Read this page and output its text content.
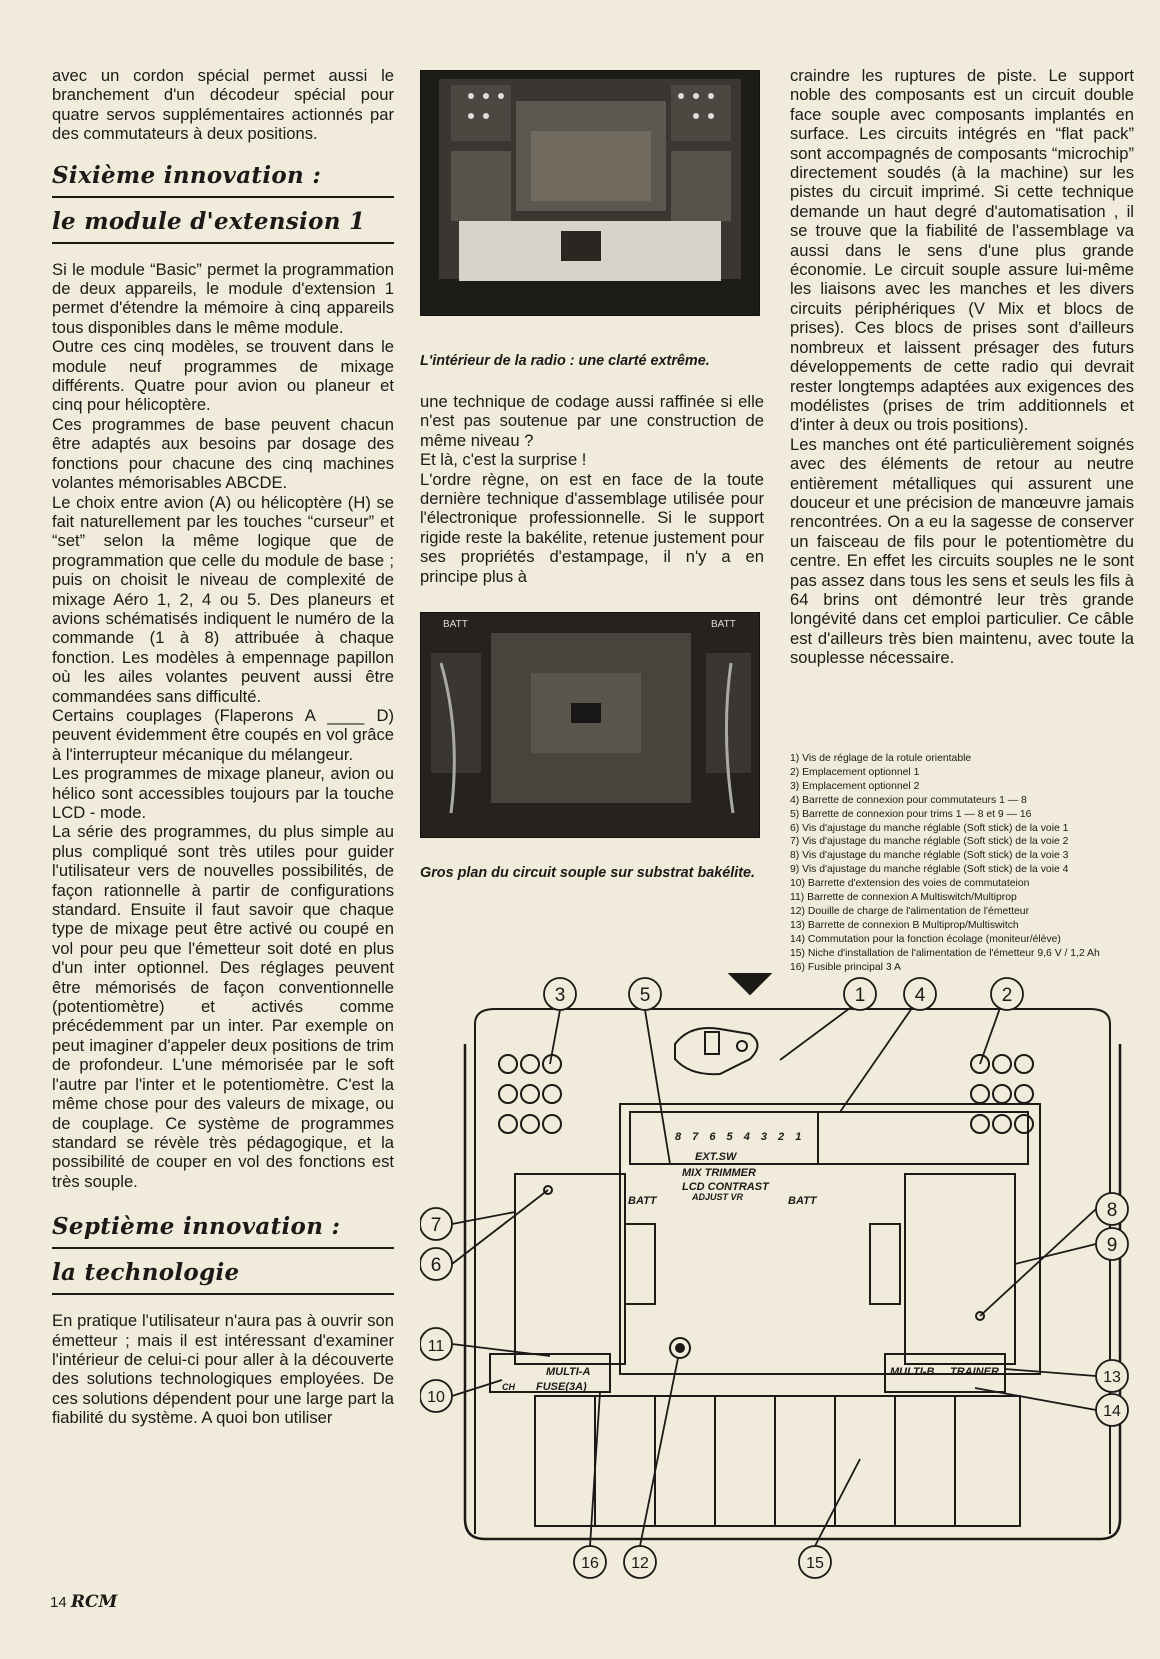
avec un cordon spécial permet aussi le branchement d'un décodeur spécial pour quatre servos supplémentaires actionnés par des commutateurs à deux positions.

Sixième innovation :
le module d'extension 1

Si le module “Basic” permet la programmation de deux appareils, le module d'extension 1 permet d'étendre la mémoire à cinq appareils tous disponibles dans le même module.

Outre ces cinq modèles, se trouvent dans le module neuf programmes de mixage différents. Quatre pour avion ou planeur et cinq pour hélicoptère.

Ces programmes de base peuvent chacun être adaptés aux besoins par dosage des fonctions pour chacune des cinq machines volantes mémorisables ABCDE.

Le choix entre avion (A) ou hélicoptère (H) se fait naturellement par les touches “curseur” et “set” selon la même logique que de programmation que celle du module de base ; puis on choisit le niveau de complexité de mixage Aéro 1, 2, 4 ou 5. Des planeurs et avions schématisés indiquent le numéro de la commande (1 à 8) attribuée à chaque fonction. Les modèles à empennage papillon où les ailes volantes peuvent aussi être commandées sans difficulté.

Certains couplages (Flaperons A ____ D) peuvent évidemment être coupés en vol grâce à l'interrupteur mécanique du mélangeur.

Les programmes de mixage planeur, avion ou hélico sont accessibles toujours par la touche LCD - mode.

La série des programmes, du plus simple au plus compliqué sont très utiles pour guider l'utilisateur vers de nouvelles possibilités, de façon rationnelle à partir de configurations standard. Ensuite il faut savoir que chaque type de mixage peut être activé ou coupé en vol pour peu que l'émetteur soit doté en plus d'un inter optionnel. Des réglages peuvent être mémorisés de façon conventionnelle (potentiomètre) et activés comme précédemment par un inter. Par exemple on peut imaginer d'appeler deux positions de trim de profondeur. L'une mémorisée par le soft l'autre par l'inter et le potentiomètre. C'est la même chose pour des valeurs de mixage, ou de couplage. Ce système de programmes standard se révèle très pédagogique, et la possibilité de couper en vol des fonctions est très souple.

Septième innovation :
la technologie

En pratique l'utilisateur n'aura pas à ouvrir son émetteur ; mais il est intéressant d'examiner l'intérieur de celui-ci pour aller à la découverte des solutions technologiques employées. De ces solutions dépendent pour une large part la fiabilité du système. A quoi bon utiliser

L'intérieur de la radio : une clarté extrême.

une technique de codage aussi raffinée si elle n'est pas soutenue par une construction de même niveau ?

Et là, c'est la surprise !

L'ordre règne, on est en face de la toute dernière technique d'assemblage utilisée pour l'électronique professionnelle. Si le support rigide reste la bakélite, retenue justement pour ses propriétés d'estampage, il n'y a en principe plus à

BATT	BATT
Gros plan du circuit souple sur substrat bakélite.

craindre les ruptures de piste. Le support noble des composants est un circuit double face souple avec composants implantés en surface. Les circuits intégrés en “flat pack” sont accompagnés de composants “microchip” directement soudés (à la machine) sur les pistes du circuit imprimé. Si cette technique demande un haut degré d'automatisation , il se trouve que la fiabilité de l'assemblage va aussi dans le sens d'une plus grande économie. Le circuit souple assure lui-même les liaisons avec les manches et les divers circuits périphériques (V Mix et blocs de prises). Ces blocs de prises sont d'ailleurs nombreux et laissent présager des futurs développements de cette radio qui devrait rester longtemps adaptées aux exigences des modélistes (prises de trim additionnels et d'inter à deux ou trois positions).

Les manches ont été particulièrement soignés avec des éléments de retour au neutre entièrement métalliques qui assurent une douceur et une précision de manœuvre jamais rencontrées. On a eu la sagesse de conserver un faisceau de fils pour le potentiomètre du centre. En effet les circuits souples ne le sont pas assez dans tous les sens et seuls les fils à 64 brins ont démontré leur très grande longévité dans cet emploi particulier. Ce câble est d'ailleurs très bien maintenu, avec toute la souplesse nécessaire.

1) Vis de réglage de la rotule orientable
2) Emplacement optionnel 1
3) Emplacement optionnel 2
4) Barrette de connexion pour commutateurs 1 — 8
5) Barrette de connexion pour trims 1 — 8 et 9 — 16
6) Vis d'ajustage du manche réglable (Soft stick) de la voie 1
7) Vis d'ajustage du manche réglable (Soft stick) de la voie 2
8) Vis d'ajustage du manche réglable (Soft stick) de la voie 3
9) Vis d'ajustage du manche réglable (Soft stick) de la voie 4
10) Barrette d'extension des voies de commutateion
11) Barrette de connexion A Multiswitch/Multiprop
12) Douille de charge de l'alimentation de l'émetteur
13) Barrette de connexion B Multiprop/Multiswitch
14) Commutation pour la fonction écolage (moniteur/élève)
15) Niche d'installation de l'alimentation de l'émetteur 9,6 V / 1,2 Ah
16) Fusible principal 3 A
8 7 6 5 4 3 2 1
EXT.SW
MIX TRIMMER
LCD CONTRAST
ADJUST VR
BATT	BATT
MULTI-A
FUSE(3A)
CH
MULTI-B TRAINER
1	4	2
3	5
7
6
11
10
8
9
13
14
16 12	15
14 RCM
